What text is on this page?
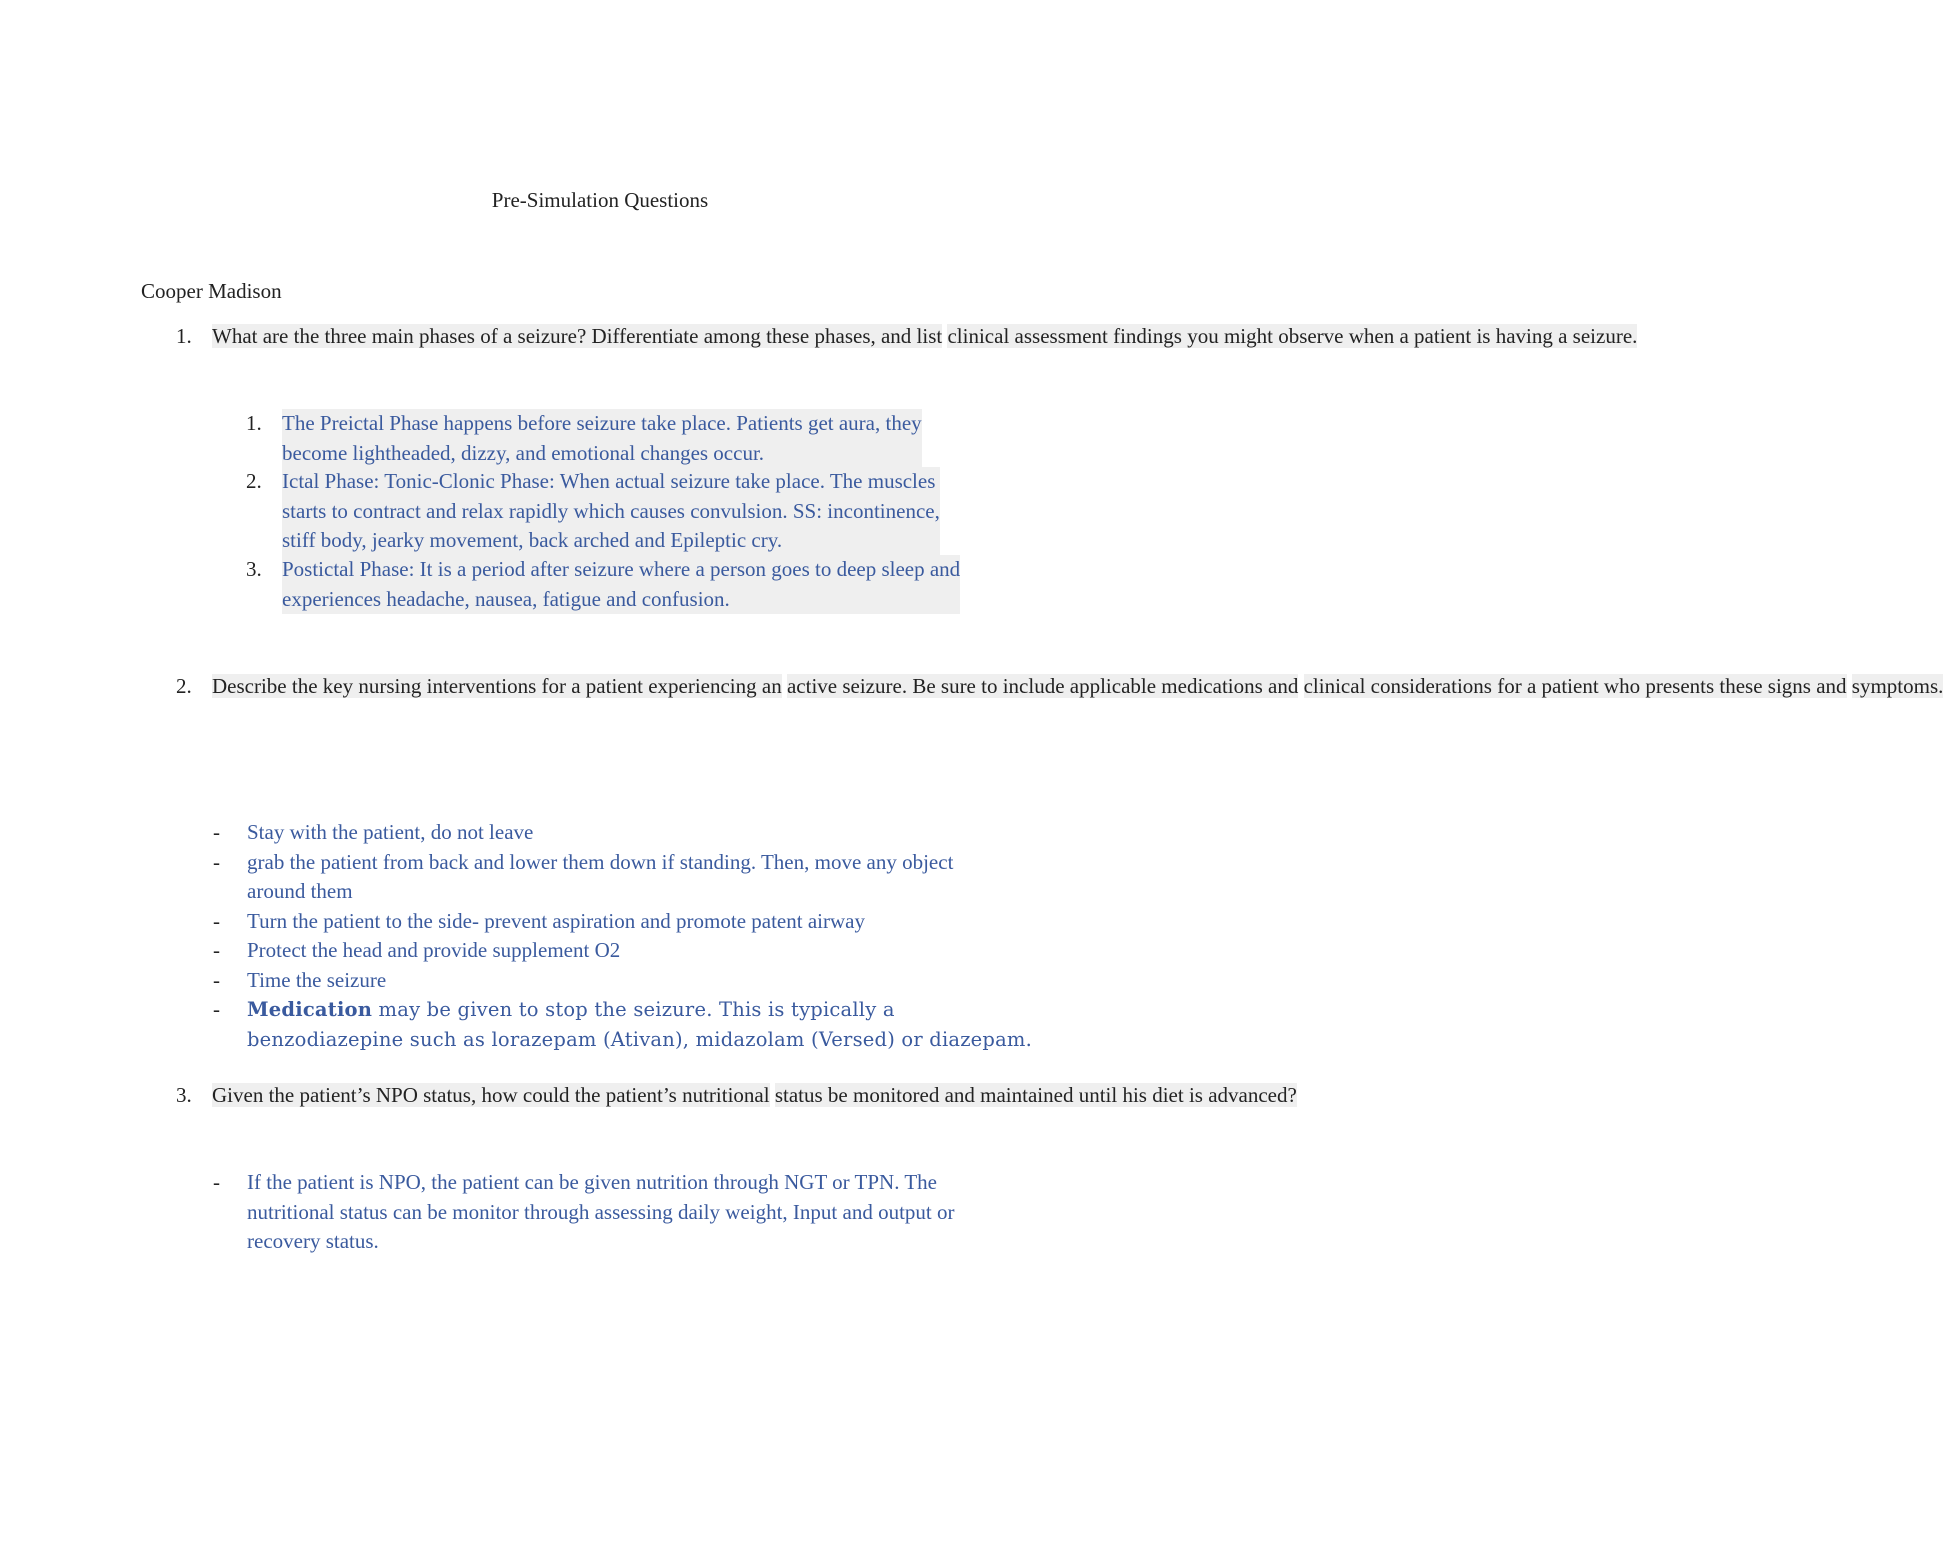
Pre-Simulation Questions
Cooper Madison
1. What are the three main phases of a seizure? Differentiate among these phases, and list clinical assessment findings you might observe when a patient is having a seizure.
1. The Preictal Phase happens before seizure take place. Patients get aura, they
become lightheaded, dizzy, and emotional changes occur.
2. Ictal Phase: Tonic-Clonic Phase: When actual seizure take place. The muscles
starts to contract and relax rapidly which causes convulsion. SS: incontinence,
stiff body, jearky movement, back arched and Epileptic cry.
3. Postictal Phase: It is a period after seizure where a person goes to deep sleep and
experiences headache, nausea, fatigue and confusion.
2. Describe the key nursing interventions for a patient experiencing an active seizure. Be sure to include applicable medications and clinical considerations for a patient who presents these signs and symptoms.
- Stay with the patient, do not leave
- grab the patient from back and lower them down if standing. Then, move any object
around them
- Turn the patient to the side- prevent aspiration and promote patent airway
- Protect the head and provide supplement O2
- Time the seizure
- Medication may be given to stop the seizure. This is typically a
benzodiazepine such as lorazepam (Ativan), midazolam (Versed) or diazepam.
3. Given the patient’s NPO status, how could the patient’s nutritional status be monitored and maintained until his diet is advanced?
- If the patient is NPO, the patient can be given nutrition through NGT or TPN. The
nutritional status can be monitor through assessing daily weight, Input and output or
recovery status.
